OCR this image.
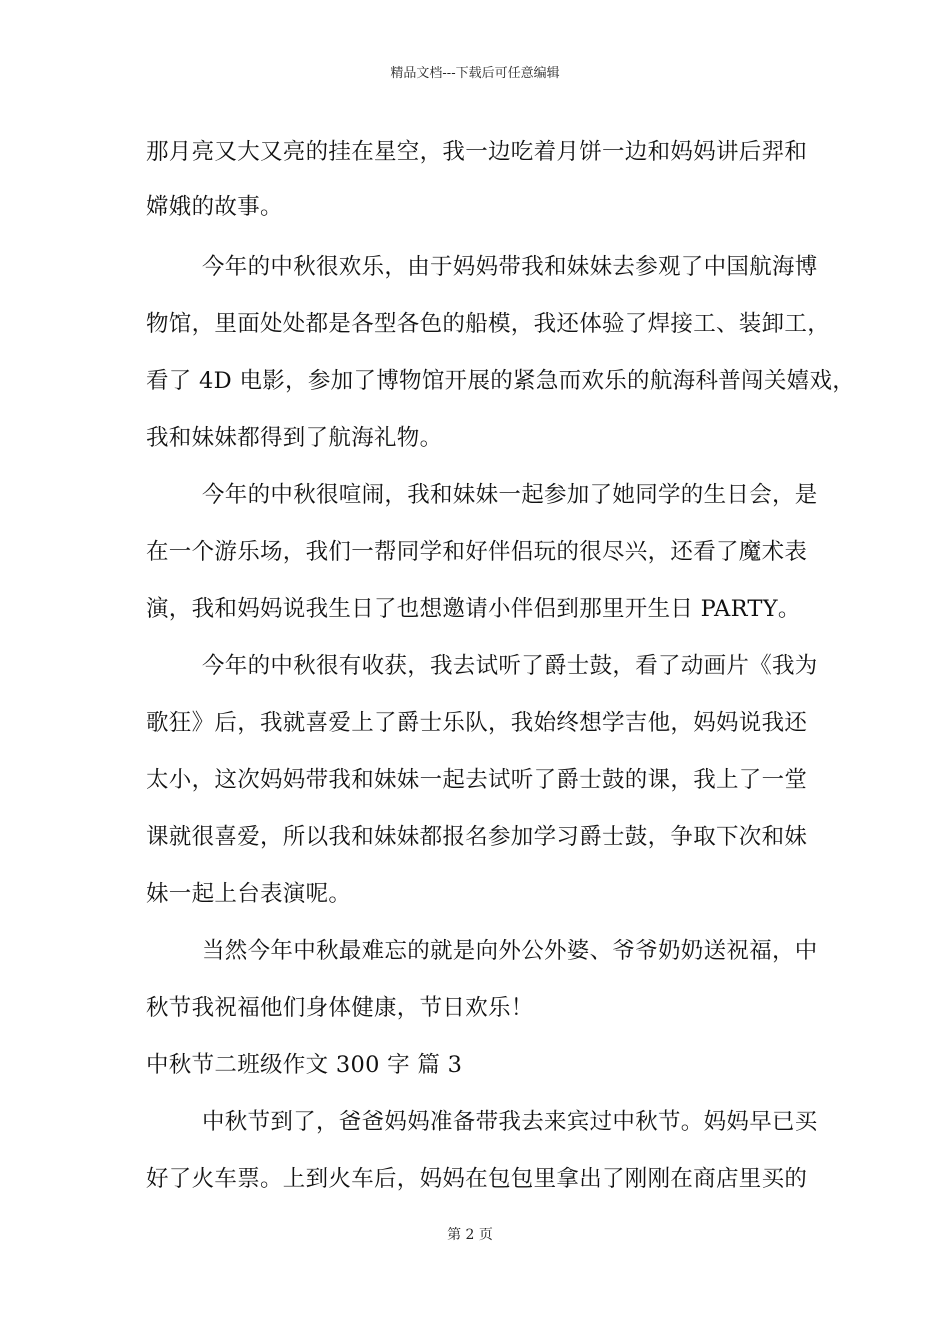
精品文档---下载后可任意编辑
那月亮又大又亮的挂在星空，我一边吃着月饼一边和妈妈讲后羿和
嫦娥的故事。
今年的中秋很欢乐，由于妈妈带我和妹妹去参观了中国航海博
物馆，里面处处都是各型各色的船模，我还体验了焊接工、装卸工，
看了 4D 电影，参加了博物馆开展的紧急而欢乐的航海科普闯关嬉戏，
我和妹妹都得到了航海礼物。
今年的中秋很喧闹，我和妹妹一起参加了她同学的生日会，是
在一个游乐场，我们一帮同学和好伴侣玩的很尽兴，还看了魔术表
演，我和妈妈说我生日了也想邀请小伴侣到那里开生日 PARTY。
今年的中秋很有收获，我去试听了爵士鼓，看了动画片《我为
歌狂》后，我就喜爱上了爵士乐队，我始终想学吉他，妈妈说我还
太小，这次妈妈带我和妹妹一起去试听了爵士鼓的课，我上了一堂
课就很喜爱，所以我和妹妹都报名参加学习爵士鼓，争取下次和妹
妹一起上台表演呢。
当然今年中秋最难忘的就是向外公外婆、爷爷奶奶送祝福，中
秋节我祝福他们身体健康，节日欢乐！
中秋节二班级作文 300 字 篇 3
中秋节到了，爸爸妈妈准备带我去来宾过中秋节。妈妈早已买
好了火车票。上到火车后，妈妈在包包里拿出了刚刚在商店里买的
第 2 页
